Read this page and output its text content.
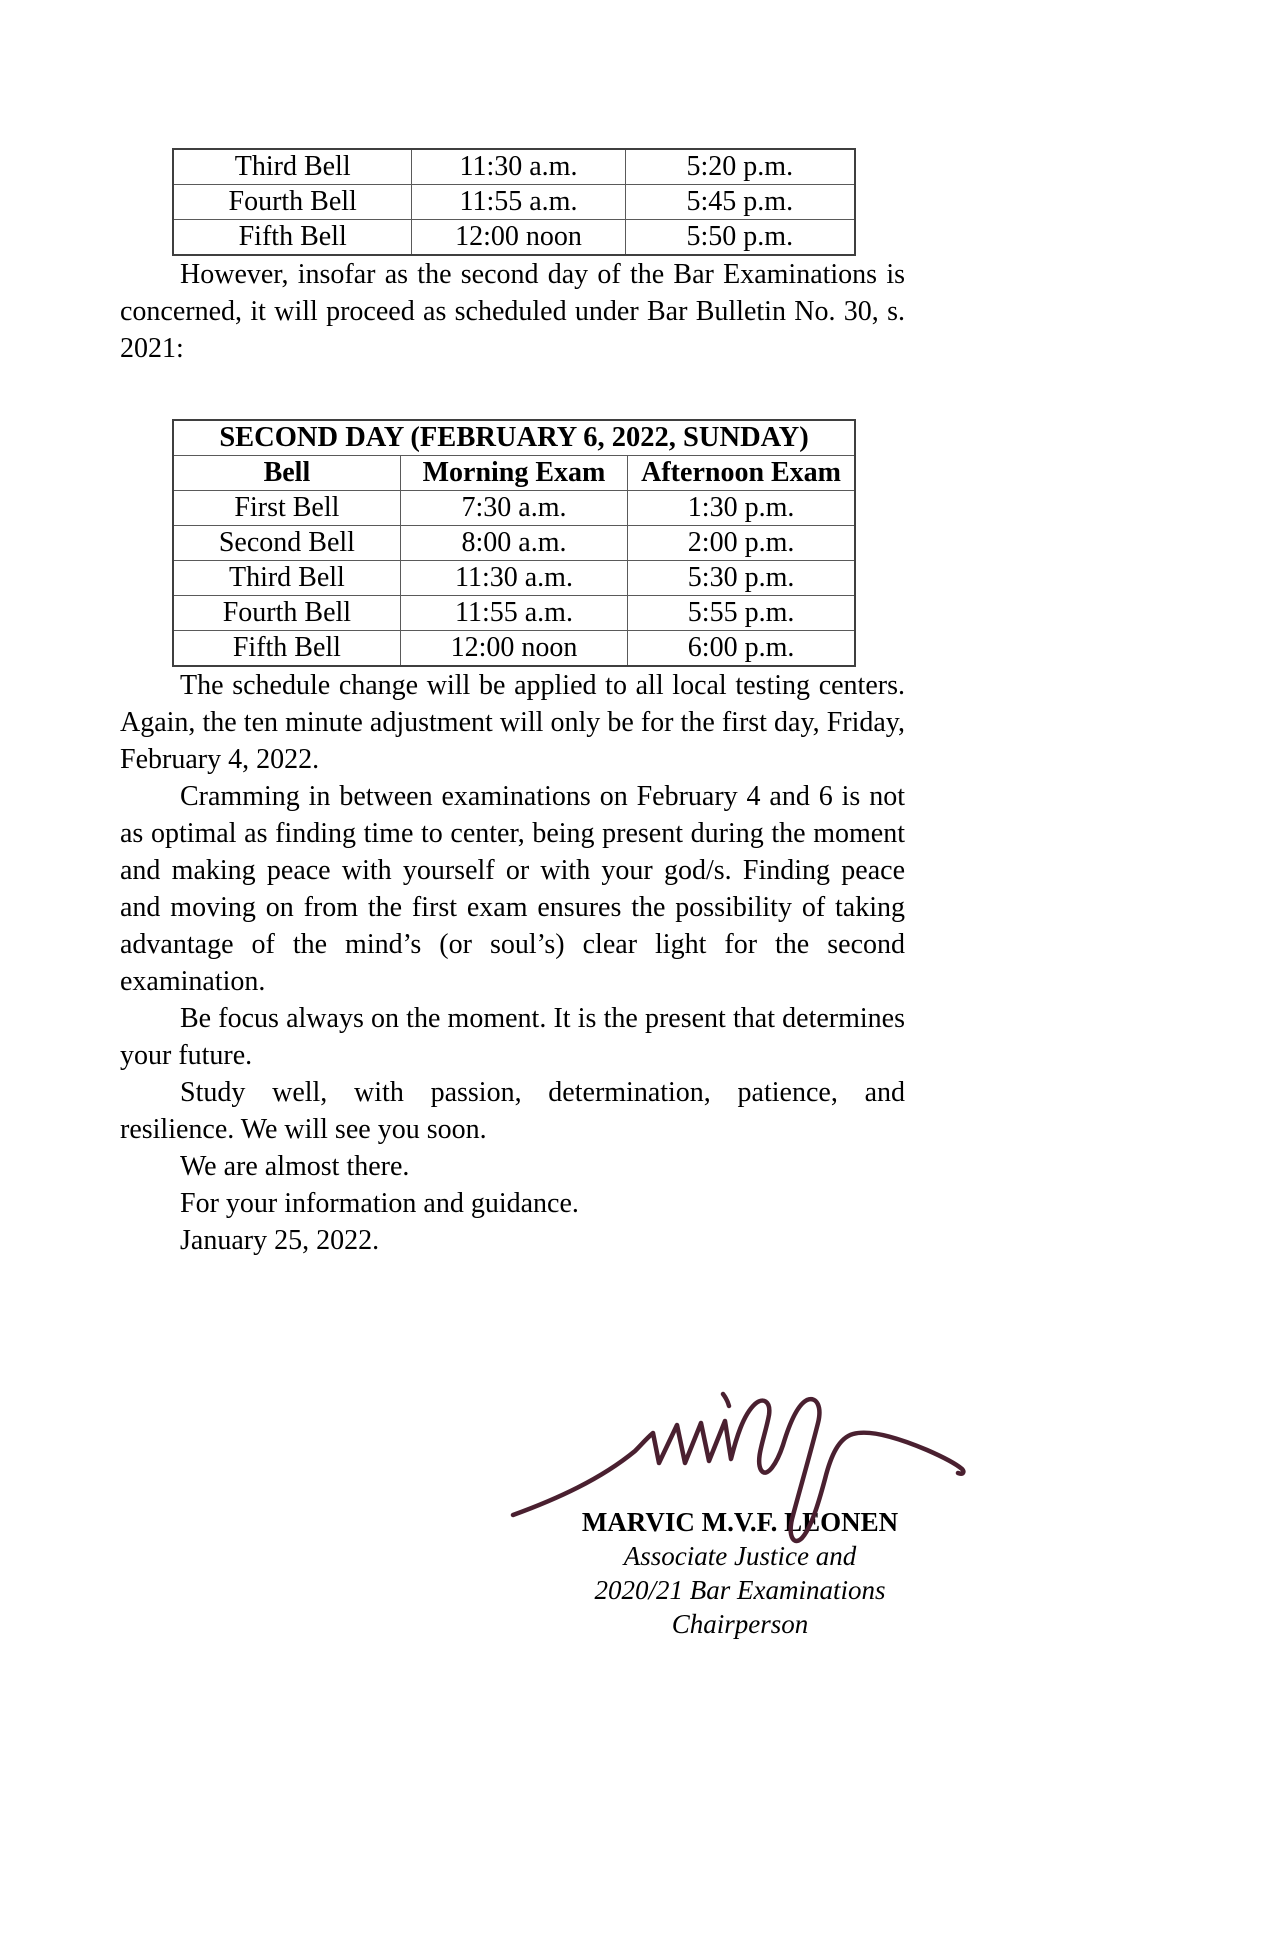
Third Bell	11:30 a.m.	5:20 p.m.
Fourth Bell	11:55 a.m.	5:45 p.m.
Fifth Bell	12:00 noon	5:50 p.m.

However, insofar as the second day of the Bar Examinations is concerned, it will proceed as scheduled under Bar Bulletin No. 30, s. 2021:

SECOND DAY (FEBRUARY 6, 2022, SUNDAY)		
Bell	Morning Exam	Afternoon Exam
First Bell	7:30 a.m.	1:30 p.m.
Second Bell	8:00 a.m.	2:00 p.m.
Third Bell	11:30 a.m.	5:30 p.m.
Fourth Bell	11:55 a.m.	5:55 p.m.
Fifth Bell	12:00 noon	6:00 p.m.

The schedule change will be applied to all local testing centers. Again, the ten minute adjustment will only be for the first day, Friday, February 4, 2022.

Cramming in between examinations on February 4 and 6 is not as optimal as finding time to center, being present during the moment and making peace with yourself or with your god/s. Finding peace and moving on from the first exam ensures the possibility of taking advantage of the mind’s (or soul’s) clear light for the second examination.

Be focus always on the moment. It is the present that determines your future.

Study well, with passion, determination, patience, and resilience. We will see you soon.

We are almost there.

For your information and guidance.

January 25, 2022.

MARVIC M.V.F. LEONEN
Associate Justice and
2020/21 Bar Examinations
Chairperson
